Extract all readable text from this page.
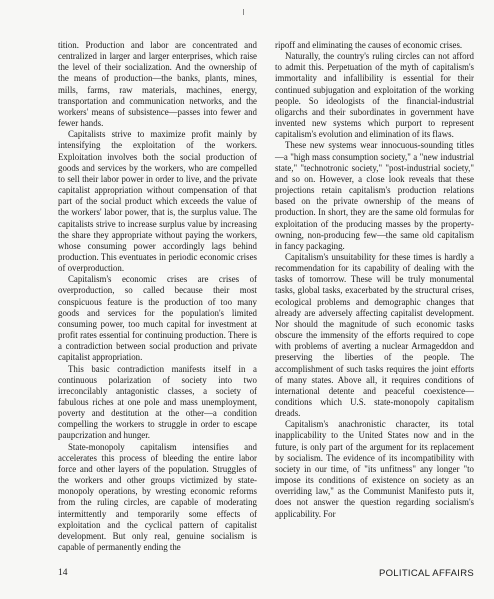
tition. Production and labor are concentrated and centralized in larger and larger enterprises, which raise the level of their socialization. And the ownership of the means of production—the banks, plants, mines, mills, farms, raw materials, machines, energy, transportation and communication networks, and the workers' means of subsistence—passes into fewer and fewer hands.

Capitalists strive to maximize profit mainly by intensifying the exploitation of the workers. Exploitation involves both the social production of goods and services by the workers, who are compelled to sell their labor power in order to live, and the private capitalist appropriation without compensation of that part of the social product which exceeds the value of the workers' labor power, that is, the surplus value. The capitalists strive to increase surplus value by increasing the share they appropriate without paying the workers, whose consuming power accordingly lags behind production. This eventuates in periodic economic crises of overproduction.

Capitalism's economic crises are crises of overproduction, so called because their most conspicuous feature is the production of too many goods and services for the population's limited consuming power, too much capital for investment at profit rates essential for continuing production. There is a contradiction between social production and private capitalist appropriation.

This basic contradiction manifests itself in a continuous polarization of society into two irreconcilably antagonistic classes, a society of fabulous riches at one pole and mass unemployment, poverty and destitution at the other—a condition compelling the workers to struggle in order to escape paupcrization and hunger.

State-monopoly capitalism intensifies and accelerates this process of bleeding the entire labor force and other layers of the population. Struggles of the workers and other groups victimized by state-monopoly operations, by wresting economic reforms from the ruling circles, are capable of moderating intermittently and temporarily some effects of exploitation and the cyclical pattern of capitalist development. But only real, genuine socialism is capable of permanently ending the

ripoff and eliminating the causes of economic crises.

Naturally, the country's ruling circles can not afford to admit this. Perpetuation of the myth of capitalism's immortality and infallibility is essential for their continued subjugation and exploitation of the working people. So ideologists of the financial-industrial oligarchs and their subordinates in government have invented new systems which purport to represent capitalism's evolution and elimination of its flaws.

These new systems wear innocuous-sounding titles—a "high mass consumption society," a "new industrial state," "technotronic society," "post-industrial society," and so on. However, a close look reveals that these projections retain capitalism's production relations based on the private ownership of the means of production. In short, they are the same old formulas for exploitation of the producing masses by the property-owning, non-producing few—the same old capitalism in fancy packaging.

Capitalism's unsuitability for these times is hardly a recommendation for its capability of dealing with the tasks of tomorrow. These will be truly monumental tasks, global tasks, exacerbated by the structural crises, ecological problems and demographic changes that already are adversely affecting capitalist development. Nor should the magnitude of such economic tasks obscure the immensity of the efforts required to cope with problems of averting a nuclear Armageddon and preserving the liberties of the people. The accomplishment of such tasks requires the joint efforts of many states. Above all, it requires conditions of international detente and peaceful coexistence—conditions which U.S. state-monopoly capitalism dreads.

Capitalism's anachronistic character, its total inapplicability to the United States now and in the future, is only part of the argument for its replacement by socialism. The evidence of its incompatibility with society in our time, of "its unfitness" any longer "to impose its conditions of existence on society as an overriding law," as the Communist Manifesto puts it, does not answer the question regarding socialism's applicability. For

14	POLITICAL AFFAIRS
